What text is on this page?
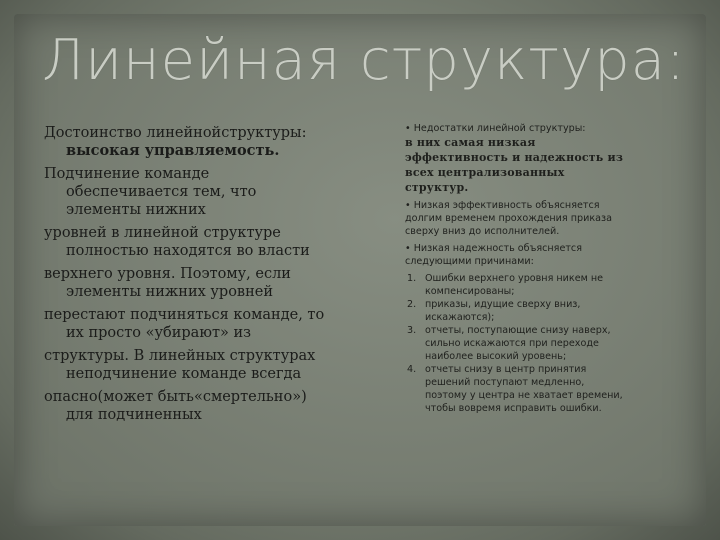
Линейная структура:

Достоинство линейнойструктуры:

высокая управляемость.

Подчинение команде

обеспечивается тем, что
элементы нижних

уровней в линейной структуре

полностью находятся во власти

верхнего уровня. Поэтому, если

элементы нижних уровней

перестают подчиняться команде, то

их просто «убирают» из

структуры. В линейных структурах

неподчинение команде всегда

опасно(может быть«смертельно»)

для подчиненных

• Недостатки линейной структуры:
в них самая низкая эффективность и надежность из всех централизованных структур.
• Низкая эффективность объясняется долгим временем прохождения приказа сверху вниз до исполнителей.
• Низкая надежность объясняется следующими причинами:
1. Ошибки верхнего уровня никем не компенсированы;
2. приказы, идущие сверху вниз, искажаются);
3. отчеты, поступающие снизу наверх, сильно искажаются при переходе наиболее высокий уровень;
4. отчеты снизу в центр принятия решений поступают медленно, поэтому у центра не хватает времени, чтобы вовремя исправить ошибки.
